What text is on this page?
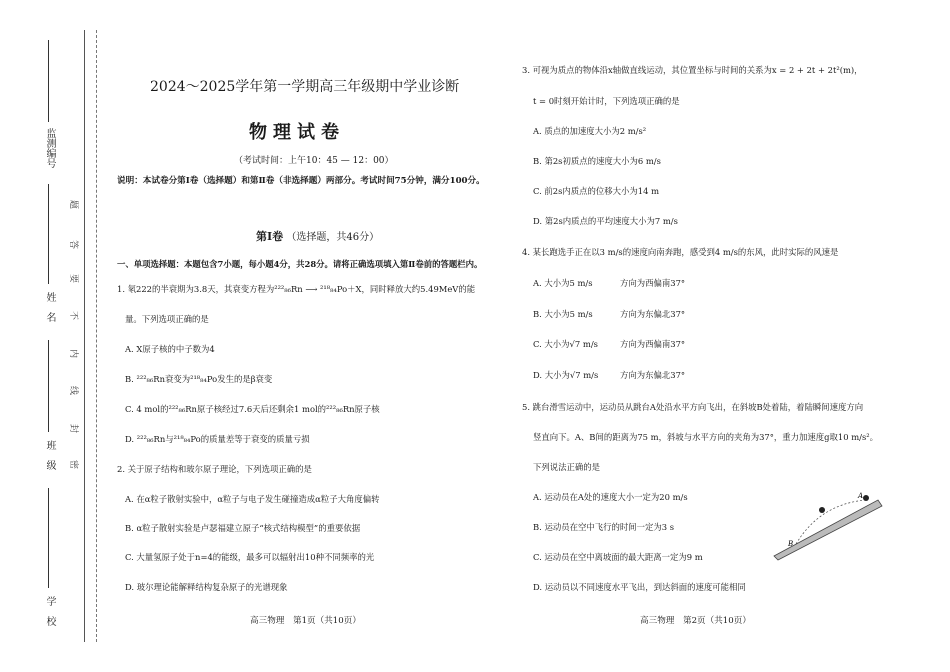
监测编号
姓　名
班　级
学　校
题
答
要
不
内
线
封
密
2024～2025学年第一学期高三年级期中学业诊断
物理试卷
（考试时间：上午10：45 — 12：00）
说明：本试卷分第Ⅰ卷（选择题）和第Ⅱ卷（非选择题）两部分。考试时间75分钟，满分100分。
第Ⅰ卷 （选择题，共46分）
一、单项选择题：本题包含7小题，每小题4分，共28分。请将正确选项填入第Ⅱ卷前的答题栏内。
1. 氡222的半衰期为3.8天，其衰变方程为²²²₈₆Rn ⟶ ²¹⁸₈₄Po＋X，同时释放大约5.49MeV的能
量。下列选项正确的是
A. X原子核的中子数为4
B. ²²²₈₆Rn衰变为²¹⁸₈₄Po发生的是β衰变
C. 4 mol的²²²₈₆Rn原子核经过7.6天后还剩余1 mol的²²²₈₆Rn原子核
D. ²²²₈₆Rn与²¹⁸₈₄Po的质量差等于衰变的质量亏损
2. 关于原子结构和玻尔原子理论，下列选项正确的是
A. 在α粒子散射实验中，α粒子与电子发生碰撞造成α粒子大角度偏转
B. α粒子散射实验是卢瑟福建立原子“核式结构模型”的重要依据
C. 大量氢原子处于n=4的能级，最多可以辐射出10种不同频率的光
D. 玻尔理论能解释结构复杂原子的光谱现象
高三物理　第1页（共10页）
3. 可视为质点的物体沿x轴做直线运动，其位置坐标与时间的关系为x = 2 + 2t + 2t²(m)，
t = 0时刻开始计时，下列选项正确的是
A. 质点的加速度大小为2 m/s²
B. 第2s初质点的速度大小为6 m/s
C. 前2s内质点的位移大小为14 m
D. 第2s内质点的平均速度大小为7 m/s
4. 某长跑选手正在以3 m/s的速度向南奔跑，感受到4 m/s的东风，此时实际的风速是
A. 大小为5 m/s	方向为西偏南37°
B. 大小为5 m/s	方向为东偏北37°
C. 大小为√7 m/s	方向为西偏南37°
D. 大小为√7 m/s	方向为东偏北37°
5. 跳台滑雪运动中，运动员从跳台A处沿水平方向飞出，在斜坡B处着陆，着陆瞬间速度方向
竖直向下。A、B间的距离为75 m，斜坡与水平方向的夹角为37°，重力加速度g取10 m/s²。
下列说法正确的是
A. 运动员在A处的速度大小一定为20 m/s
B. 运动员在空中飞行的时间一定为3 s
C. 运动员在空中离坡面的最大距离一定为9 m
D. 运动员以不同速度水平飞出，到达斜面的速度可能相同
A
B
高三物理　第2页（共10页）
